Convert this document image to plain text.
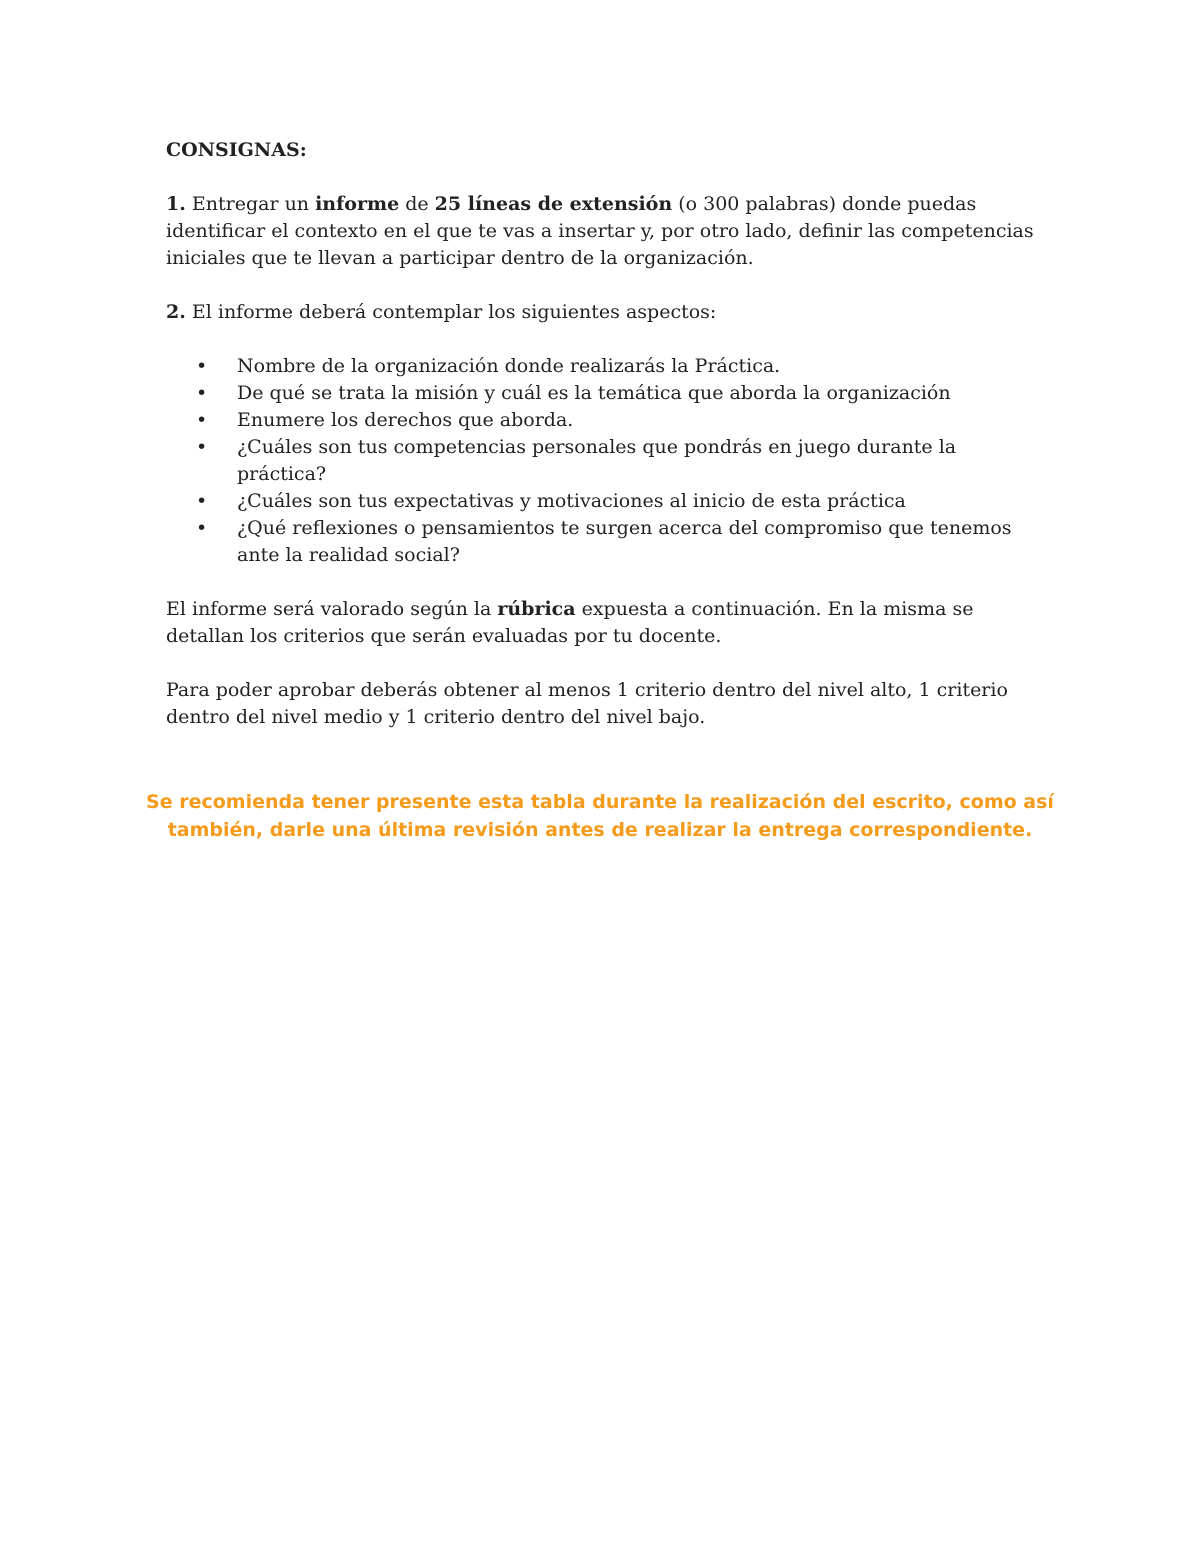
CONSIGNAS:

1. Entregar un informe de 25 líneas de extensión (o 300 palabras) donde puedas identificar el contexto en el que te vas a insertar y, por otro lado, definir las competencias iniciales que te llevan a participar dentro de la organización.

2. El informe deberá contemplar los siguientes aspectos:

• Nombre de la organización donde realizarás la Práctica.
• De qué se trata la misión y cuál es la temática que aborda la organización
• Enumere los derechos que aborda.
• ¿Cuáles son tus competencias personales que pondrás en juego durante la práctica?
• ¿Cuáles son tus expectativas y motivaciones al inicio de esta práctica
• ¿Qué reflexiones o pensamientos te surgen acerca del compromiso que tenemos ante la realidad social?

El informe será valorado según la rúbrica expuesta a continuación. En la misma se detallan los criterios que serán evaluadas por tu docente.

Para poder aprobar deberás obtener al menos 1 criterio dentro del nivel alto, 1 criterio dentro del nivel medio y 1 criterio dentro del nivel bajo.

Se recomienda tener presente esta tabla durante la realización del escrito, como así
también, darle una última revisión antes de realizar la entrega correspondiente.
